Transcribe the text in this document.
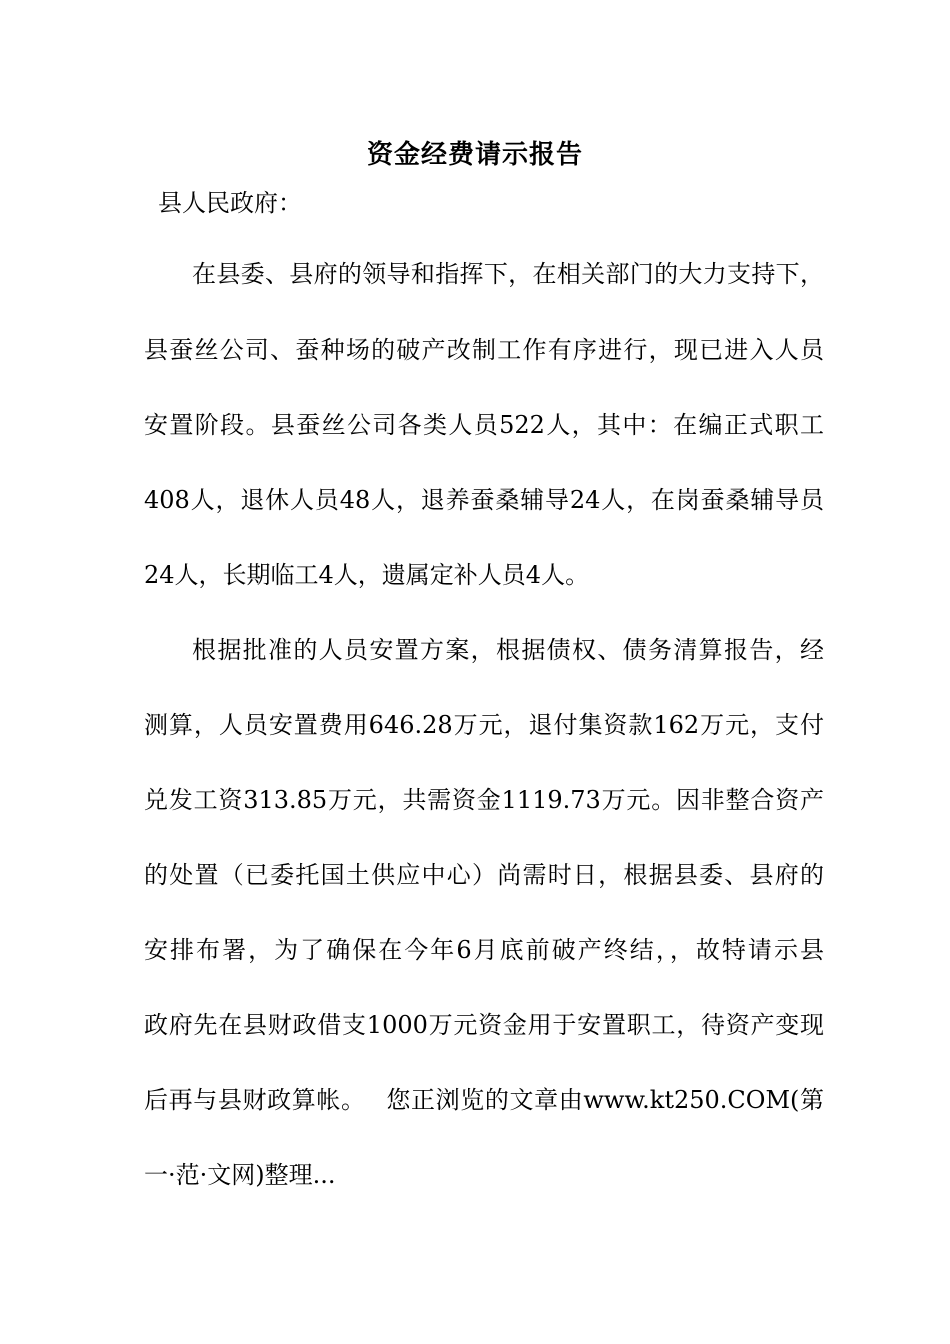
资金经费请示报告
县人民政府：
在县委、县府的领导和指挥下，在相关部门的大力支持下，
县蚕丝公司、蚕种场的破产改制工作有序进行，现已进入人员
安置阶段。县蚕丝公司各类人员522人，其中：在编正式职工
408人，退休人员48人，退养蚕桑辅导24人，在岗蚕桑辅导员
24人，长期临工4人，遗属定补人员4人。
根据批准的人员安置方案，根据债权、债务清算报告，经
测算，人员安置费用646.28万元，退付集资款162万元，支付
兑发工资313.85万元，共需资金1119.73万元。因非整合资产
的处置（已委托国土供应中心）尚需时日，根据县委、县府的
安排布署，为了确保在今年6月底前破产终结，，故特请示县
政府先在县财政借支1000万元资金用于安置职工，待资产变现
后再与县财政算帐。　 您正浏览的文章由www.kt250.COM(第
一·范·文网)整理...
